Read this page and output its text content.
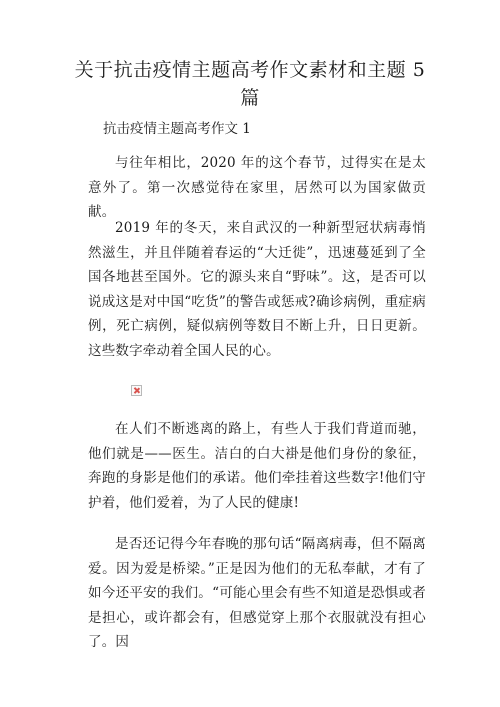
关于抗击疫情主题高考作文素材和主题 5 篇

抗击疫情主题高考作文 1

与往年相比，2020 年的这个春节，过得实在是太意外了。第一次感觉待在家里，居然可以为国家做贡献。

2019 年的冬天，来自武汉的一种新型冠状病毒悄然滋生，并且伴随着春运的“大迁徙”，迅速蔓延到了全国各地甚至国外。它的源头来自“野味”。这，是否可以说成这是对中国“吃货”的警告或惩戒?确诊病例，重症病例，死亡病例，疑似病例等数目不断上升，日日更新。这些数字牵动着全国人民的心。

在人们不断逃离的路上，有些人于我们背道而驰，他们就是——医生。洁白的白大褂是他们身份的象征，奔跑的身影是他们的承诺。他们牵挂着这些数字!他们守护着，他们爱着，为了人民的健康!

是否还记得今年春晚的那句话“隔离病毒，但不隔离爱。因为爱是桥梁。”正是因为他们的无私奉献，才有了如今还平安的我们。“可能心里会有些不知道是恐惧或者是担心，或许都会有，但感觉穿上那个衣服就没有担心了。因
